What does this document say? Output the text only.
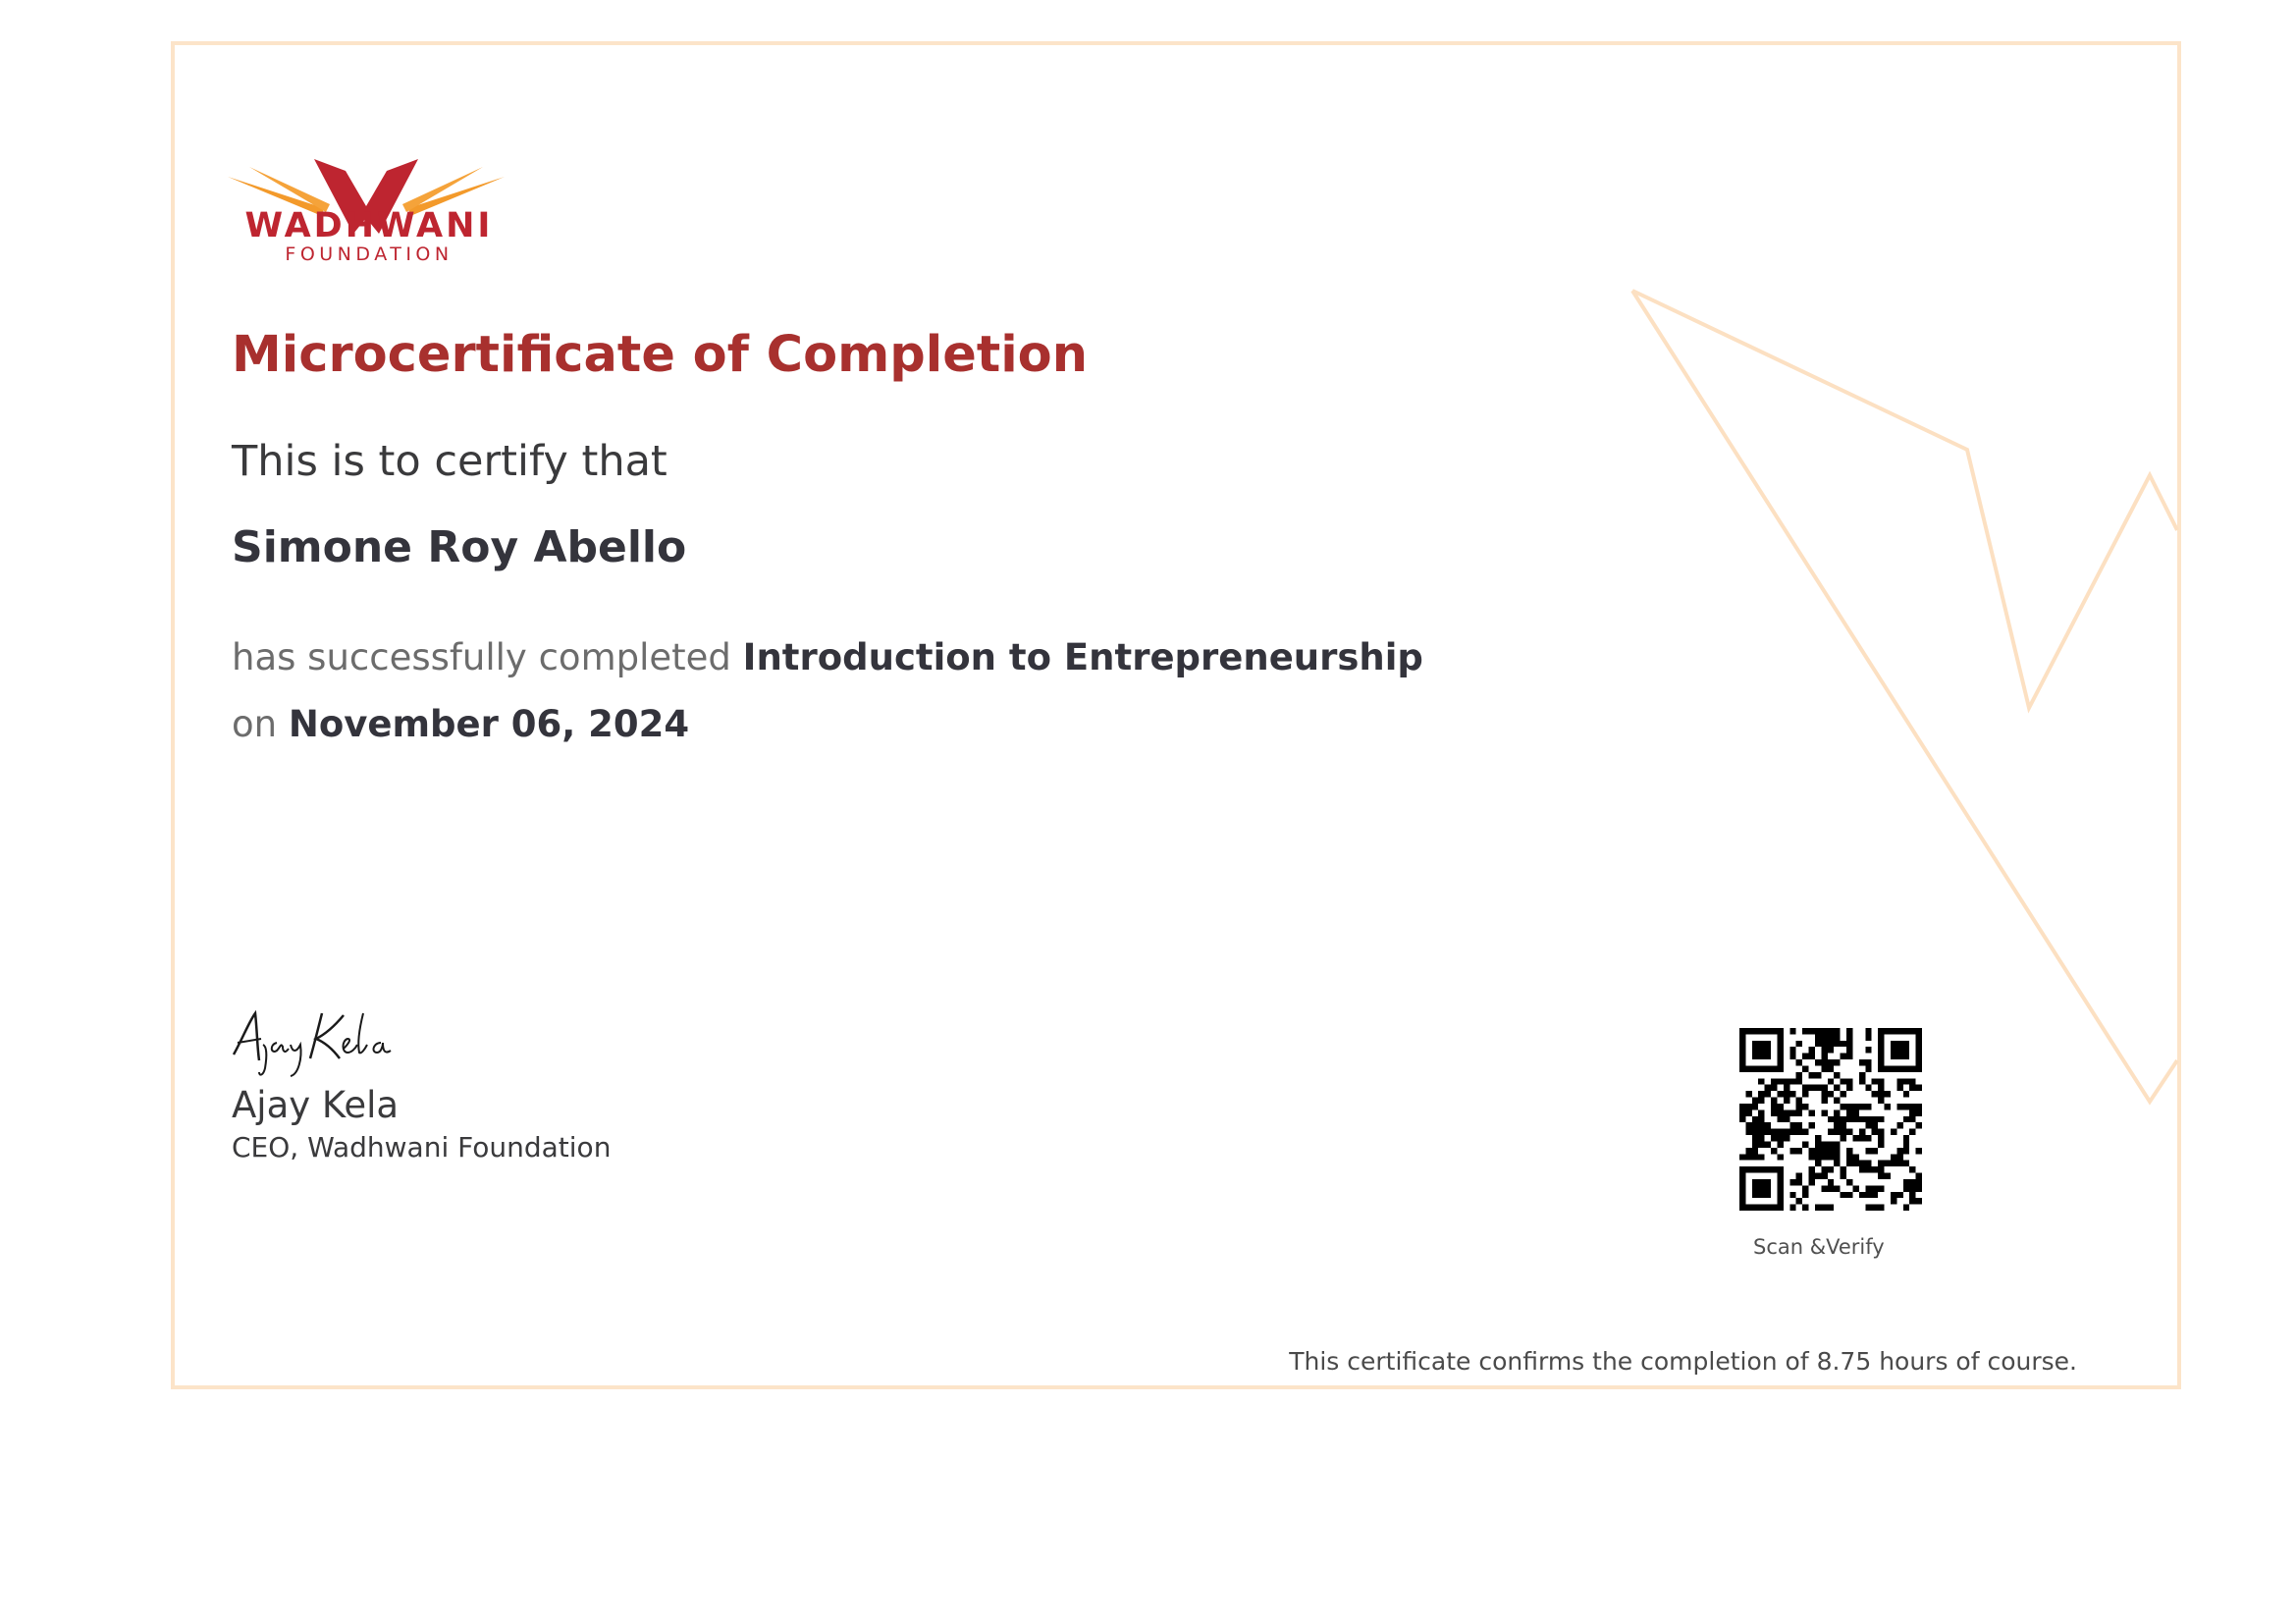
WADHWANI
FOUNDATION
Microcertificate of Completion
This is to certify that
Simone Roy Abello
has successfully completed Introduction to Entrepreneurship
on November 06, 2024
Ajay Kela
CEO, Wadhwani Foundation
Scan &Verify
This certificate confirms the completion of 8.75 hours of course.
